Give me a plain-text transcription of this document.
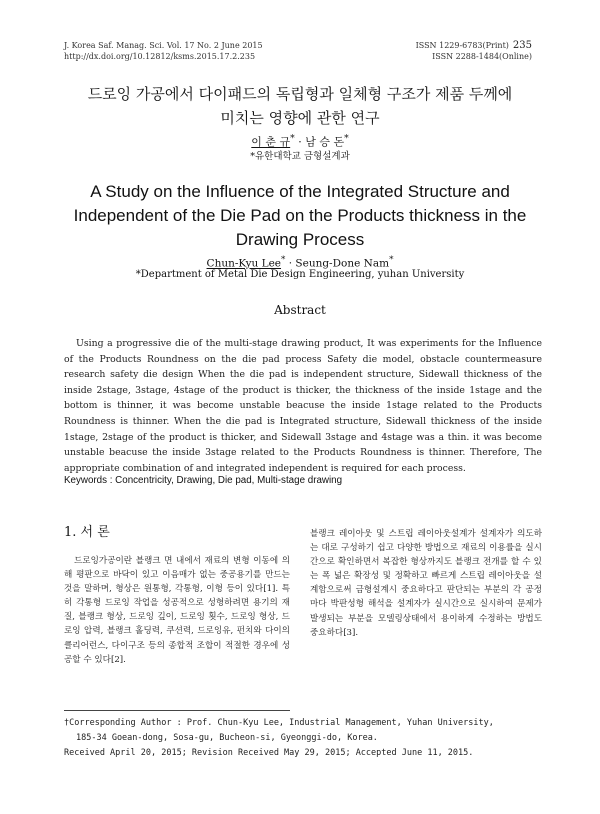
J. Korea Saf. Manag. Sci. Vol. 17 No. 2 June 2015
http://dx.doi.org/10.12812/ksms.2015.17.2.235
ISSN 1229-6783(Print) 235
ISSN 2288-1484(Online)
드로잉 가공에서 다이패드의 독립형과 일체형 구조가 제품 두께에
미치는 영향에 관한 연구
이 춘 규* · 남 승 돈*
*유한대학교 금형설계과
A Study on the Influence of the Integrated Structure and
Independent of the Die Pad on the Products thickness in the
Drawing Process
Chun-Kyu Lee* · Seung-Done Nam*
*Department of Metal Die Design Engineering, yuhan University
Abstract
Using a progressive die of the multi-stage drawing product, It was experiments for the Influence of the Products Roundness on the die pad process Safety die model, obstacle countermeasure research safety die design When the die pad is independent structure, Sidewall thickness of the inside 2stage, 3stage, 4stage of the product is thicker, the thickness of the inside 1stage and the bottom is thinner, it was become unstable beacuse the inside 1stage related to the Products Roundness is thinner. When the die pad is Integrated structure, Sidewall thickness of the inside 1stage, 2stage of the product is thicker, and Sidewall 3stage and 4stage was a thin. it was become unstable beacuse the inside 3stage related to the Products Roundness is thinner. Therefore, The appropriate combination of and integrated independent is required for each process.
Keywords : Concentricity, Drawing, Die pad, Multi-stage drawing
1. 서 론
드로잉가공이란 블랭크 면 내에서 재료의 변형 이동에 의해 평판으로 바닥이 있고 이음매가 없는 중공용기를 만드는 것을 말하며, 형상은 원통형, 각통형, 이형 등이 있다[1]. 특히 각통형 드로잉 작업을 성공적으로 성형하려면 용기의 재질, 블랭크 형상, 드로잉 깊이, 드로잉 횟수, 드로잉 형상, 드로잉 압력, 블랭크 홀딩력, 쿠션력, 드로잉유, 펀치와 다이의 클리어런스, 다이구조 등의 종합적 조합이 적절한 경우에 성공할 수 있다[2].
블랭크 레이아웃 및 스트립 레이아웃설계가 설계자가 의도하는 대로 구성하기 쉽고 다양한 방법으로 재료의 이용률을 실시간으로 확인하면서 복잡한 형상까지도 블랭크 전개를 할 수 있는 폭 넓은 확장성 및 정확하고 빠르게 스트립 레이아웃을 설계함으로써 금형설계시 중요하다고 판단되는 부분의 각 공정마다 박판성형 해석을 설계자가 실시간으로 실시하여 문제가 발생되는 부분을 모델링상태에서 용이하게 수정하는 방법도 중요하다[3].
†Corresponding Author : Prof. Chun-Kyu Lee, Industrial Management, Yuhan University,
185-34 Goean-dong, Sosa-gu, Bucheon-si, Gyeonggi-do, Korea.
Received April 20, 2015; Revision Received May 29, 2015; Accepted June 11, 2015.
